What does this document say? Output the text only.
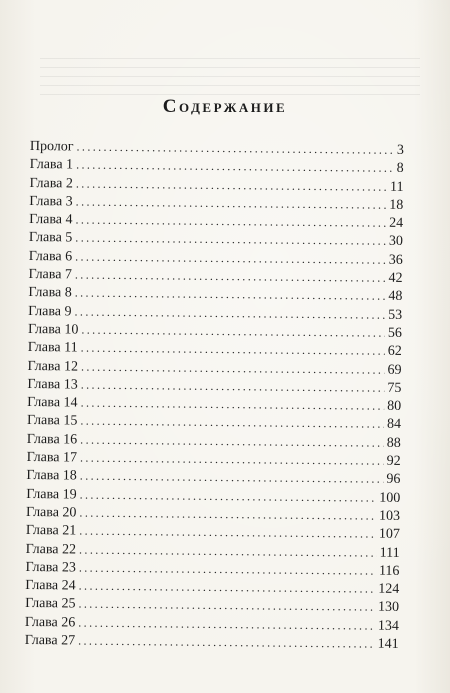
Содержание
Пролог .....	3
Глава 1 .....	8
Глава 2 .....	11
Глава 3 .....	18
Глава 4 .....	24
Глава 5 .....	30
Глава 6 .....	36
Глава 7 .....	42
Глава 8 .....	48
Глава 9 .....	53
Глава 10 .....	56
Глава 11 .....	62
Глава 12 .....	69
Глава 13 .....	75
Глава 14 .....	80
Глава 15 .....	84
Глава 16 .....	88
Глава 17 .....	92
Глава 18 .....	96
Глава 19 .....	100
Глава 20 .....	103
Глава 21 .....	107
Глава 22 .....	111
Глава 23 .....	116
Глава 24 .....	124
Глава 25 .....	130
Глава 26 .....	134
Глава 27 .....	141
